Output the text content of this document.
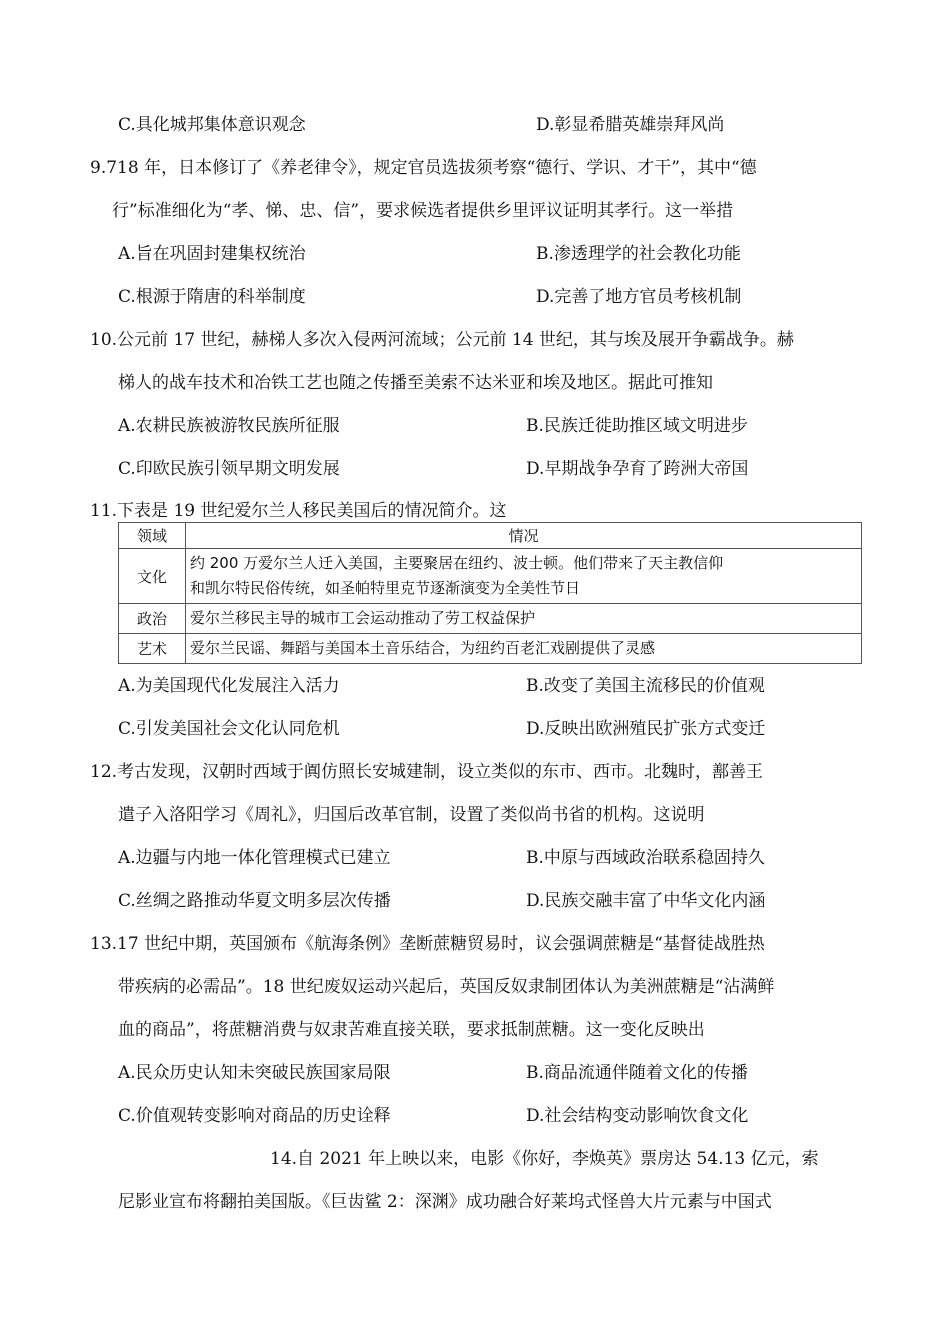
C.具化城邦集体意识观念	D.彰显希腊英雄崇拜风尚
9.718 年，日本修订了《养老律令》，规定官员选拔须考察“德行、学识、才干”，其中“德
行”标准细化为“孝、悌、忠、信”，要求候选者提供乡里评议证明其孝行。这一举措
A.旨在巩固封建集权统治	B.渗透理学的社会教化功能
C.根源于隋唐的科举制度	D.完善了地方官员考核机制
10.公元前 17 世纪，赫梯人多次入侵两河流域；公元前 14 世纪，其与埃及展开争霸战争。赫
梯人的战车技术和冶铁工艺也随之传播至美索不达米亚和埃及地区。据此可推知
A.农耕民族被游牧民族所征服	B.民族迁徙助推区域文明进步
C.印欧民族引领早期文明发展	D.早期战争孕育了跨洲大帝国
11.下表是 19 世纪爱尔兰人移民美国后的情况简介。这
领域	情况
文化	约 200 万爱尔兰人迁入美国，主要聚居在纽约、波士顿。他们带来了天主教信仰
和凯尔特民俗传统，如圣帕特里克节逐渐演变为全美性节日

政治	爱尔兰移民主导的城市工会运动推动了劳工权益保护
艺术	爱尔兰民谣、舞蹈与美国本土音乐结合，为纽约百老汇戏剧提供了灵感
A.为美国现代化发展注入活力	B.改变了美国主流移民的价值观
C.引发美国社会文化认同危机	D.反映出欧洲殖民扩张方式变迁
12.考古发现，汉朝时西域于阗仿照长安城建制，设立类似的东市、西市。北魏时，鄯善王
遣子入洛阳学习《周礼》，归国后改革官制，设置了类似尚书省的机构。这说明
A.边疆与内地一体化管理模式已建立	B.中原与西域政治联系稳固持久
C.丝绸之路推动华夏文明多层次传播	D.民族交融丰富了中华文化内涵
13.17 世纪中期，英国颁布《航海条例》垄断蔗糖贸易时，议会强调蔗糖是“基督徒战胜热
带疾病的必需品”。18 世纪废奴运动兴起后，英国反奴隶制团体认为美洲蔗糖是“沾满鲜
血的商品”，将蔗糖消费与奴隶苦难直接关联，要求抵制蔗糖。这一变化反映出
A.民众历史认知未突破民族国家局限	B.商品流通伴随着文化的传播
C.价值观转变影响对商品的历史诠释	D.社会结构变动影响饮食文化
14.自 2021 年上映以来，电影《你好，李焕英》票房达 54.13 亿元，索
尼影业宣布将翻拍美国版。《巨齿鲨 2：深渊》成功融合好莱坞式怪兽大片元素与中国式
